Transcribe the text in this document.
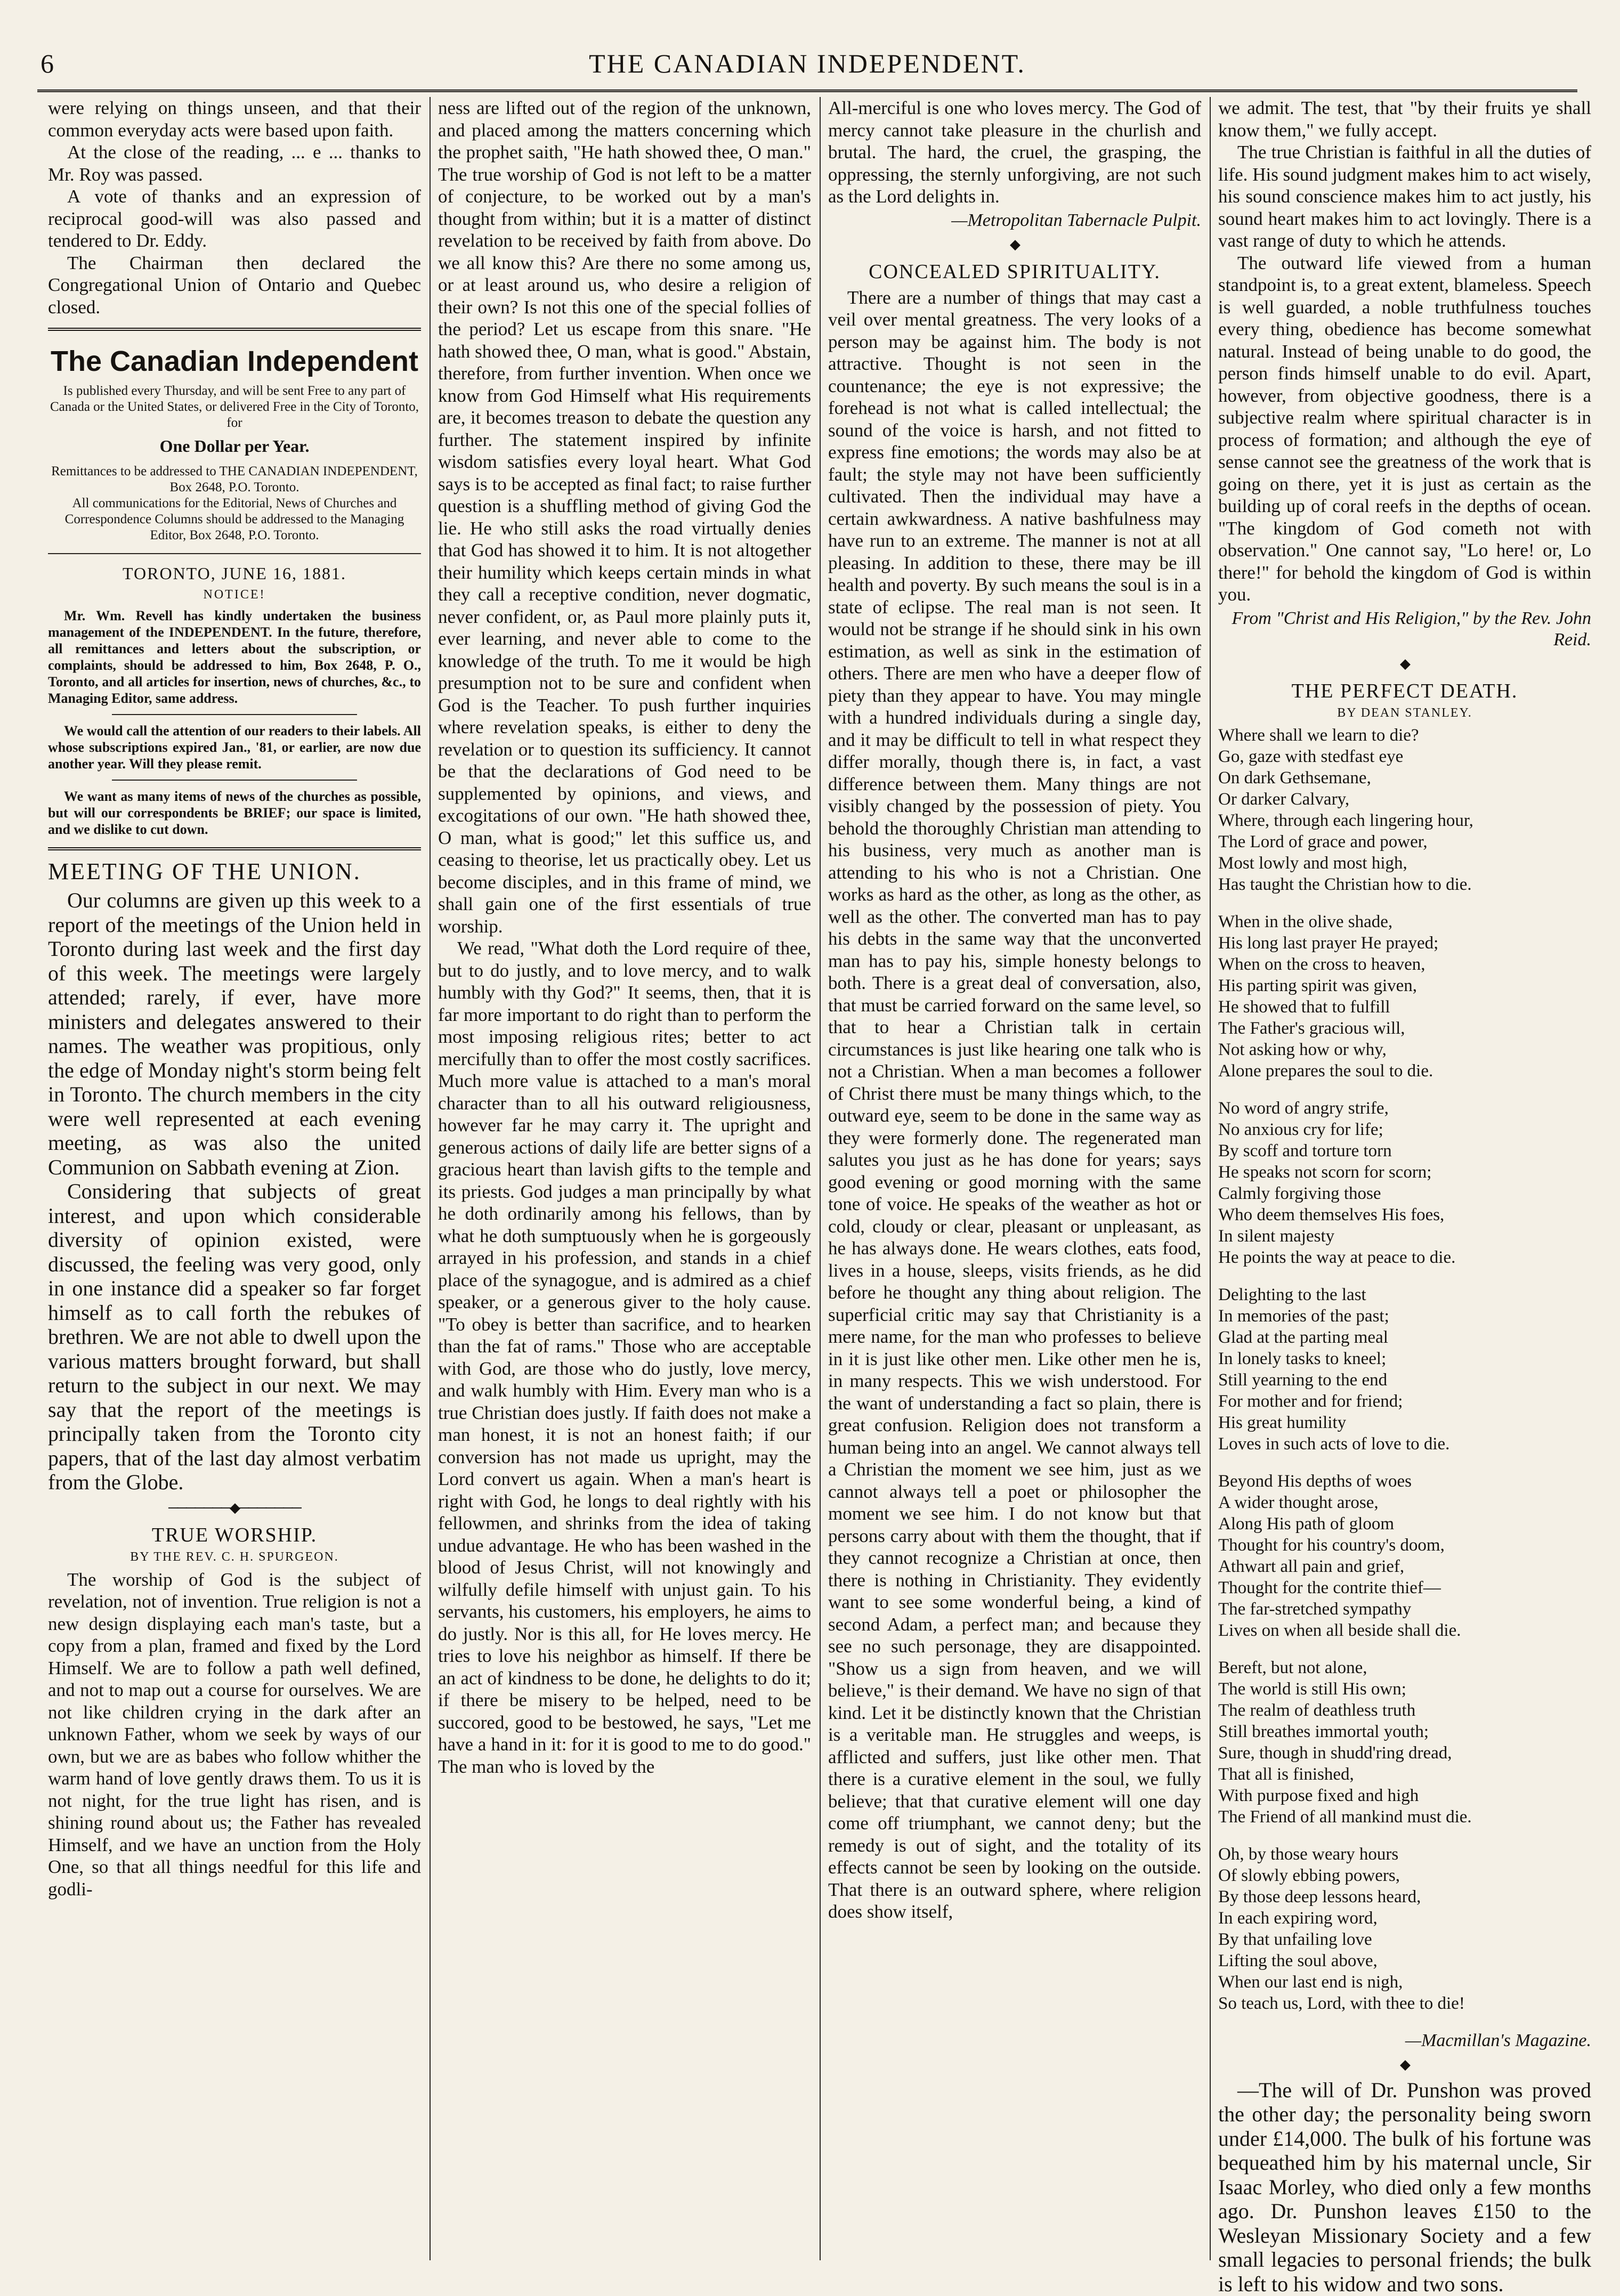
6	THE CANADIAN INDEPENDENT.

were relying on things unseen, and that their common everyday acts were based upon faith.

At the close of the reading, ... e ... thanks to Mr. Roy was passed.

A vote of thanks and an expression of reciprocal good-will was also passed and tendered to Dr. Eddy.

The Chairman then declared the Congregational Union of Ontario and Quebec closed.

The Canadian Independent

Is published every Thursday, and will be sent Free to any part of Canada or the United States, or delivered Free in the City of Toronto, for

One Dollar per Year.

Remittances to be addressed to THE CANADIAN INDEPENDENT, Box 2648, P.O. Toronto.

All communications for the Editorial, News of Churches and Correspondence Columns should be addressed to the Managing Editor, Box 2648, P.O. Toronto.

TORONTO, JUNE 16, 1881.
NOTICE!

Mr. Wm. Revell has kindly undertaken the business management of the INDEPENDENT. In the future, therefore, all remittances and letters about the subscription, or complaints, should be addressed to him, Box 2648, P. O., Toronto, and all articles for insertion, news of churches, &c., to Managing Editor, same address.

We would call the attention of our readers to their labels. All whose subscriptions expired Jan., '81, or earlier, are now due another year. Will they please remit.

We want as many items of news of the churches as possible, but will our correspondents be BRIEF; our space is limited, and we dislike to cut down.

MEETING OF THE UNION.

Our columns are given up this week to a report of the meetings of the Union held in Toronto during last week and the first day of this week. The meetings were largely attended; rarely, if ever, have more ministers and delegates answered to their names. The weather was propitious, only the edge of Monday night's storm being felt in Toronto. The church members in the city were well represented at each evening meeting, as was also the united Communion on Sabbath evening at Zion.

Considering that subjects of great interest, and upon which considerable diversity of opinion existed, were discussed, the feeling was very good, only in one instance did a speaker so far forget himself as to call forth the rebukes of brethren. We are not able to dwell upon the various matters brought forward, but shall return to the subject in our next. We may say that the report of the meetings is principally taken from the Toronto city papers, that of the last day almost verbatim from the Globe.

───────◆───────
TRUE WORSHIP.
BY THE REV. C. H. SPURGEON.

The worship of God is the subject of revelation, not of invention. True religion is not a new design displaying each man's taste, but a copy from a plan, framed and fixed by the Lord Himself. We are to follow a path well defined, and not to map out a course for ourselves. We are not like children crying in the dark after an unknown Father, whom we seek by ways of our own, but we are as babes who follow whither the warm hand of love gently draws them. To us it is not night, for the true light has risen, and is shining round about us; the Father has revealed Himself, and we have an unction from the Holy One, so that all things needful for this life and godli-

ness are lifted out of the region of the unknown, and placed among the matters concerning which the prophet saith, "He hath showed thee, O man." The true worship of God is not left to be a matter of conjecture, to be worked out by a man's thought from within; but it is a matter of distinct revelation to be received by faith from above. Do we all know this? Are there no some among us, or at least around us, who desire a religion of their own? Is not this one of the special follies of the period? Let us escape from this snare. "He hath showed thee, O man, what is good." Abstain, therefore, from further invention. When once we know from God Himself what His requirements are, it becomes treason to debate the question any further. The statement inspired by infinite wisdom satisfies every loyal heart. What God says is to be accepted as final fact; to raise further question is a shuffling method of giving God the lie. He who still asks the road virtually denies that God has showed it to him. It is not altogether their humility which keeps certain minds in what they call a receptive condition, never dogmatic, never confident, or, as Paul more plainly puts it, ever learning, and never able to come to the knowledge of the truth. To me it would be high presumption not to be sure and confident when God is the Teacher. To push further inquiries where revelation speaks, is either to deny the revelation or to question its sufficiency. It cannot be that the declarations of God need to be supplemented by opinions, and views, and excogitations of our own. "He hath showed thee, O man, what is good;" let this suffice us, and ceasing to theorise, let us practically obey. Let us become disciples, and in this frame of mind, we shall gain one of the first essentials of true worship.

We read, "What doth the Lord require of thee, but to do justly, and to love mercy, and to walk humbly with thy God?" It seems, then, that it is far more important to do right than to perform the most imposing religious rites; better to act mercifully than to offer the most costly sacrifices. Much more value is attached to a man's moral character than to all his outward religiousness, however far he may carry it. The upright and generous actions of daily life are better signs of a gracious heart than lavish gifts to the temple and its priests. God judges a man principally by what he doth ordinarily among his fellows, than by what he doth sumptuously when he is gorgeously arrayed in his profession, and stands in a chief place of the synagogue, and is admired as a chief speaker, or a generous giver to the holy cause. "To obey is better than sacrifice, and to hearken than the fat of rams." Those who are acceptable with God, are those who do justly, love mercy, and walk humbly with Him. Every man who is a true Christian does justly. If faith does not make a man honest, it is not an honest faith; if our conversion has not made us upright, may the Lord convert us again. When a man's heart is right with God, he longs to deal rightly with his fellowmen, and shrinks from the idea of taking undue advantage. He who has been washed in the blood of Jesus Christ, will not knowingly and wilfully defile himself with unjust gain. To his servants, his customers, his employers, he aims to do justly. Nor is this all, for He loves mercy. He tries to love his neighbor as himself. If there be an act of kindness to be done, he delights to do it; if there be misery to be helped, need to be succored, good to be bestowed, he says, "Let me have a hand in it: for it is good to me to do good." The man who is loved by the

All-merciful is one who loves mercy. The God of mercy cannot take pleasure in the churlish and brutal. The hard, the cruel, the grasping, the oppressing, the sternly unforgiving, are not such as the Lord delights in.

—Metropolitan Tabernacle Pulpit.
◆
CONCEALED SPIRITUALITY.

There are a number of things that may cast a veil over mental greatness. The very looks of a person may be against him. The body is not attractive. Thought is not seen in the countenance; the eye is not expressive; the forehead is not what is called intellectual; the sound of the voice is harsh, and not fitted to express fine emotions; the words may also be at fault; the style may not have been sufficiently cultivated. Then the individual may have a certain awkwardness. A native bashfulness may have run to an extreme. The manner is not at all pleasing. In addition to these, there may be ill health and poverty. By such means the soul is in a state of eclipse. The real man is not seen. It would not be strange if he should sink in his own estimation, as well as sink in the estimation of others. There are men who have a deeper flow of piety than they appear to have. You may mingle with a hundred individuals during a single day, and it may be difficult to tell in what respect they differ morally, though there is, in fact, a vast difference between them. Many things are not visibly changed by the possession of piety. You behold the thoroughly Christian man attending to his business, very much as another man is attending to his who is not a Christian. One works as hard as the other, as long as the other, as well as the other. The converted man has to pay his debts in the same way that the unconverted man has to pay his, simple honesty belongs to both. There is a great deal of conversation, also, that must be carried forward on the same level, so that to hear a Christian talk in certain circumstances is just like hearing one talk who is not a Christian. When a man becomes a follower of Christ there must be many things which, to the outward eye, seem to be done in the same way as they were formerly done. The regenerated man salutes you just as he has done for years; says good evening or good morning with the same tone of voice. He speaks of the weather as hot or cold, cloudy or clear, pleasant or unpleasant, as he has always done. He wears clothes, eats food, lives in a house, sleeps, visits friends, as he did before he thought any thing about religion. The superficial critic may say that Christianity is a mere name, for the man who professes to believe in it is just like other men. Like other men he is, in many respects. This we wish understood. For the want of understanding a fact so plain, there is great confusion. Religion does not transform a human being into an angel. We cannot always tell a Christian the moment we see him, just as we cannot always tell a poet or philosopher the moment we see him. I do not know but that persons carry about with them the thought, that if they cannot recognize a Christian at once, then there is nothing in Christianity. They evidently want to see some wonderful being, a kind of second Adam, a perfect man; and because they see no such personage, they are disappointed. "Show us a sign from heaven, and we will believe," is their demand. We have no sign of that kind. Let it be distinctly known that the Christian is a veritable man. He struggles and weeps, is afflicted and suffers, just like other men. That there is a curative element in the soul, we fully believe; that that curative element will one day come off triumphant, we cannot deny; but the remedy is out of sight, and the totality of its effects cannot be seen by looking on the outside. That there is an outward sphere, where religion does show itself,

we admit. The test, that "by their fruits ye shall know them," we fully accept.

The true Christian is faithful in all the duties of life. His sound judgment makes him to act wisely, his sound conscience makes him to act justly, his sound heart makes him to act lovingly. There is a vast range of duty to which he attends.

The outward life viewed from a human standpoint is, to a great extent, blameless. Speech is well guarded, a noble truthfulness touches every thing, obedience has become somewhat natural. Instead of being unable to do good, the person finds himself unable to do evil. Apart, however, from objective goodness, there is a subjective realm where spiritual character is in process of formation; and although the eye of sense cannot see the greatness of the work that is going on there, yet it is just as certain as the building up of coral reefs in the depths of ocean. "The kingdom of God cometh not with observation." One cannot say, "Lo here! or, Lo there!" for behold the kingdom of God is within you.

From "Christ and His Religion," by the Rev. John Reid.
◆
THE PERFECT DEATH.
BY DEAN STANLEY.
Where shall we learn to die?
Go, gaze with stedfast eye
On dark Gethsemane,
Or darker Calvary,
Where, through each lingering hour,
The Lord of grace and power,
Most lowly and most high,
Has taught the Christian how to die.
When in the olive shade,
His long last prayer He prayed;
When on the cross to heaven,
His parting spirit was given,
He showed that to fulfill
The Father's gracious will,
Not asking how or why,
Alone prepares the soul to die.
No word of angry strife,
No anxious cry for life;
By scoff and torture torn
He speaks not scorn for scorn;
Calmly forgiving those
Who deem themselves His foes,
In silent majesty
He points the way at peace to die.
Delighting to the last
In memories of the past;
Glad at the parting meal
In lonely tasks to kneel;
Still yearning to the end
For mother and for friend;
His great humility
Loves in such acts of love to die.
Beyond His depths of woes
A wider thought arose,
Along His path of gloom
Thought for his country's doom,
Athwart all pain and grief,
Thought for the contrite thief—
The far-stretched sympathy
Lives on when all beside shall die.
Bereft, but not alone,
The world is still His own;
The realm of deathless truth
Still breathes immortal youth;
Sure, though in shudd'ring dread,
That all is finished,
With purpose fixed and high
The Friend of all mankind must die.
Oh, by those weary hours
Of slowly ebbing powers,
By those deep lessons heard,
In each expiring word,
By that unfailing love
Lifting the soul above,
When our last end is nigh,
So teach us, Lord, with thee to die!
—Macmillan's Magazine.
◆

—The will of Dr. Punshon was proved the other day; the personality being sworn under £14,000. The bulk of his fortune was bequeathed him by his maternal uncle, Sir Isaac Morley, who died only a few months ago. Dr. Punshon leaves £150 to the Wesleyan Missionary Society and a few small legacies to personal friends; the bulk is left to his widow and two sons.
